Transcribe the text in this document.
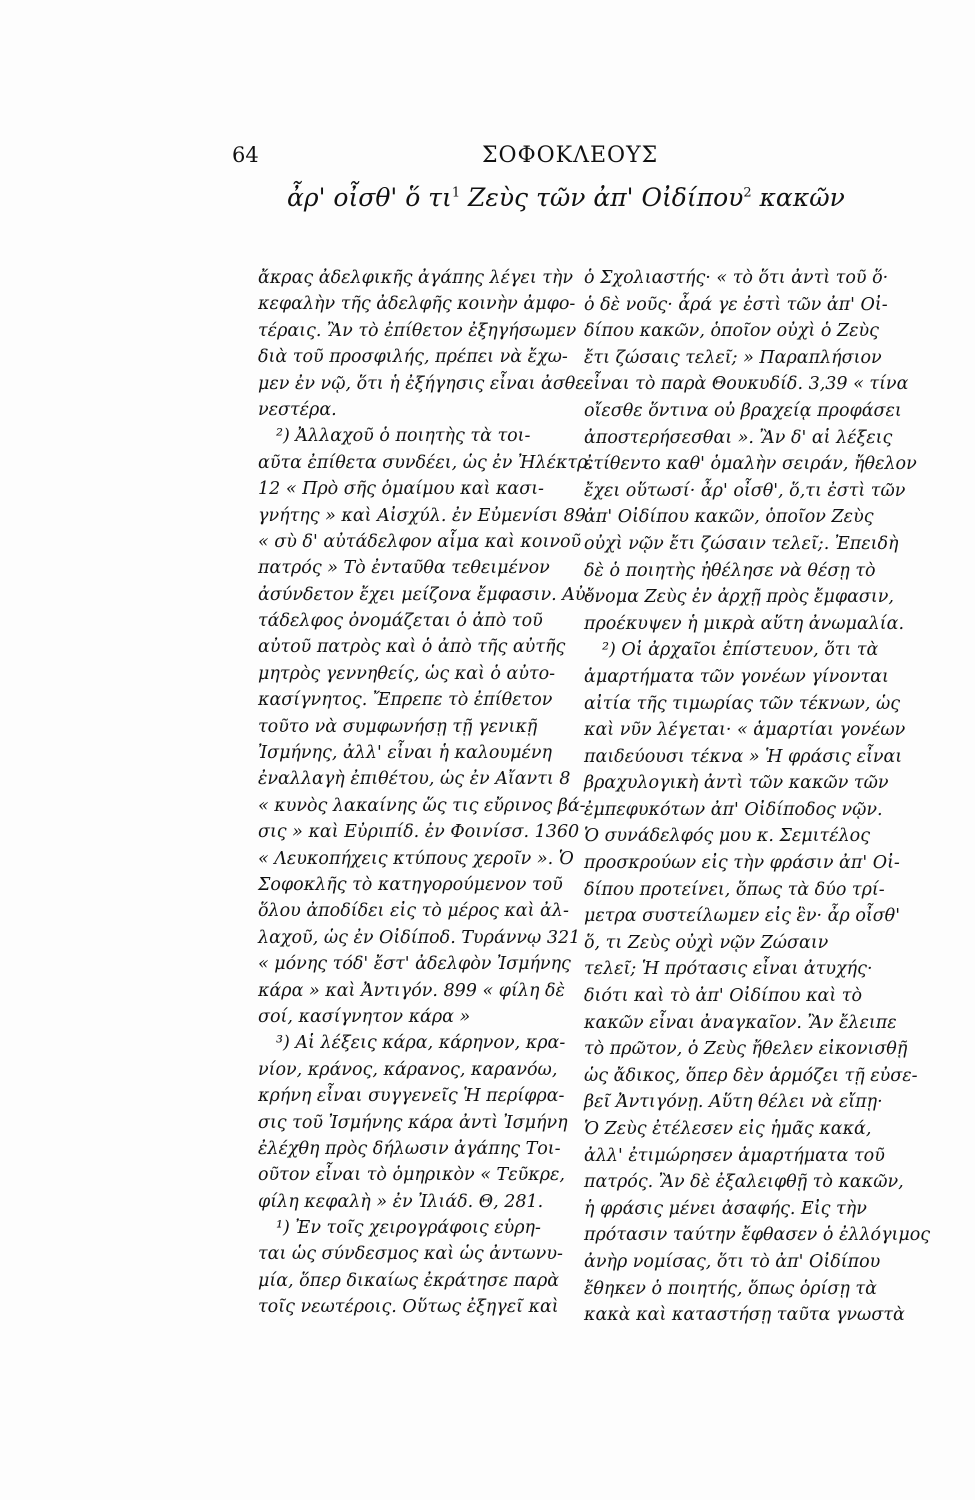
64	ΣΟΦΟΚΛΕΟΥΣ
ἆρ' οἶσθ' ὅ $\tau\iota^1$ Ζεὺς τῶν ἀπ' Οἰδίπου$^2$ κακῶν
ἄκρας ἀδελφικῆς ἀγάπης λέγει τὴν
κεφαλὴν τῆς ἀδελφῆς κοινὴν ἀμφο-
τέραις. Ἂν τὸ ἐπίθετον ἐξηγήσωμεν
διὰ τοῦ προσφιλής, πρέπει νὰ ἔχω-
μεν ἐν νῷ, ὅτι ἡ ἐξήγησις εἶναι ἀσθε-
νεστέρα.
²) Ἀλλαχοῦ ὁ ποιητὴς τὰ τοι-
αῦτα ἐπίθετα συνδέει, ὡς ἐν Ἠλέκτρ.
12 « Πρὸ σῆς ὁμαίμου καὶ κασι-
γνήτης » καὶ Αἰσχύλ. ἐν Εὐμενίσι 89
« σὺ δ' αὐτάδελφον αἷμα καὶ κοινοῦ
πατρός » Τὸ ἐνταῦθα τεθειμένον
ἀσύνδετον ἔχει μείζονα ἔμφασιν. Αὐ-
τάδελφος ὀνομάζεται ὁ ἀπὸ τοῦ
αὐτοῦ πατρὸς καὶ ὁ ἀπὸ τῆς αὐτῆς
μητρὸς γεννηθείς, ὡς καὶ ὁ αὐτο-
κασίγνητος. Ἔπρεπε τὸ ἐπίθετον
τοῦτο νὰ συμφωνήσῃ τῇ γενικῇ
Ἰσμήνης, ἀλλ' εἶναι ἡ καλουμένη
ἐναλλαγὴ ἐπιθέτου, ὡς ἐν Αἴαντι 8
« κυνὸς λακαίνης ὥς τις εὔρινος βά-
σις » καὶ Εὐριπίδ. ἐν Φοινίσσ. 1360
« Λευκοπήχεις κτύπους χεροῖν ». Ὁ
Σοφοκλῆς τὸ κατηγορούμενον τοῦ
ὅλου ἀποδίδει εἰς τὸ μέρος καὶ ἀλ-
λαχοῦ, ὡς ἐν Οἰδίποδ. Τυράννῳ 321
« μόνης τόδ' ἔστ' ἀδελφὸν Ἰσμήνης
κάρα » καὶ Ἀντιγόν. 899 « φίλη δὲ
σοί, κασίγνητον κάρα »
³) Αἱ λέξεις κάρα, κάρηνον, κρα-
νίον, κράνος, κάρανος, καρανόω,
κρήνη εἶναι συγγενεῖς Ἡ περίφρα-
σις τοῦ Ἰσμήνης κάρα ἀντὶ Ἰσμήνη
ἐλέχθη πρὸς δήλωσιν ἀγάπης Τοι-
οῦτον εἶναι τὸ ὁμηρικὸν « Τεῦκρε,
φίλη κεφαλὴ » ἐν Ἰλιάδ. Θ, 281.
¹) Ἐν τοῖς χειρογράφοις εὑρη-
ται ὡς σύνδεσμος καὶ ὡς ἀντωνυ-
μία, ὅπερ δικαίως ἐκράτησε παρὰ
τοῖς νεωτέροις. Οὕτως ἐξηγεῖ καὶ
ὁ Σχολιαστής· « τὸ ὅτι ἀντὶ τοῦ ὅ·
ὁ δὲ νοῦς· ἆρά γε ἐστὶ τῶν ἀπ' Οἰ-
δίπου κακῶν, ὁποῖον οὐχὶ ὁ Ζεὺς
ἔτι ζώσαις τελεῖ; » Παραπλήσιον
εἶναι τὸ παρὰ Θουκυδίδ. 3,39 « τίνα
οἴεσθε ὅντινα οὐ βραχείᾳ προφάσει
ἀποστερήσεσθαι ». Ἂν δ' αἱ λέξεις
ἐτίθεντο καθ' ὁμαλὴν σειράν, ἤθελον
ἔχει οὕτωσί· ἆρ' οἶσθ', ὅ,τι ἐστὶ τῶν
ἀπ' Οἰδίπου κακῶν, ὁποῖον Ζεὺς
οὐχὶ νῷν ἔτι ζώσαιν τελεῖ;. Ἐπειδὴ
δὲ ὁ ποιητὴς ἠθέλησε νὰ θέσῃ τὸ
ὄνομα Ζεὺς ἐν ἀρχῇ πρὸς ἔμφασιν,
προέκυψεν ἡ μικρὰ αὕτη ἀνωμαλία.
²) Οἱ ἀρχαῖοι ἐπίστευον, ὅτι τὰ
ἁμαρτήματα τῶν γονέων γίνονται
αἰτία τῆς τιμωρίας τῶν τέκνων, ὡς
καὶ νῦν λέγεται· « ἁμαρτίαι γονέων
παιδεύουσι τέκνα » Ἡ φράσις εἶναι
βραχυλογικὴ ἀντὶ τῶν κακῶν τῶν
ἐμπεφυκότων ἀπ' Οἰδίποδος νῷν.
Ὁ συνάδελφός μου κ. Σεμιτέλος
προσκρούων εἰς τὴν φράσιν ἀπ' Οἰ-
δίπου προτείνει, ὅπως τὰ δύο τρί-
μετρα συστείλωμεν εἰς ἓν· ἆρ οἶσθ'
ὅ, τι Ζεὺς οὐχὶ νῷν Ζώσαιν
τελεῖ; Ἡ πρότασις εἶναι ἀτυχής·
διότι καὶ τὸ ἀπ' Οἰδίπου καὶ τὸ
κακῶν εἶναι ἀναγκαῖον. Ἂν ἔλειπε
τὸ πρῶτον, ὁ Ζεὺς ἤθελεν εἰκονισθῇ
ὡς ἄδικος, ὅπερ δὲν ἁρμόζει τῇ εὐσε-
βεῖ Ἀντιγόνῃ. Αὕτη θέλει νὰ εἴπῃ·
Ὁ Ζεὺς ἐτέλεσεν εἰς ἡμᾶς κακά,
ἀλλ' ἐτιμώρησεν ἁμαρτήματα τοῦ
πατρός. Ἂν δὲ ἐξαλειφθῇ τὸ κακῶν,
ἡ φράσις μένει ἀσαφής. Εἰς τὴν
πρότασιν ταύτην ἔφθασεν ὁ ἐλλόγιμος
ἀνὴρ νομίσας, ὅτι τὸ ἀπ' Οἰδίπου
ἔθηκεν ὁ ποιητής, ὅπως ὁρίσῃ τὰ
κακὰ καὶ καταστήσῃ ταῦτα γνωστὰ
